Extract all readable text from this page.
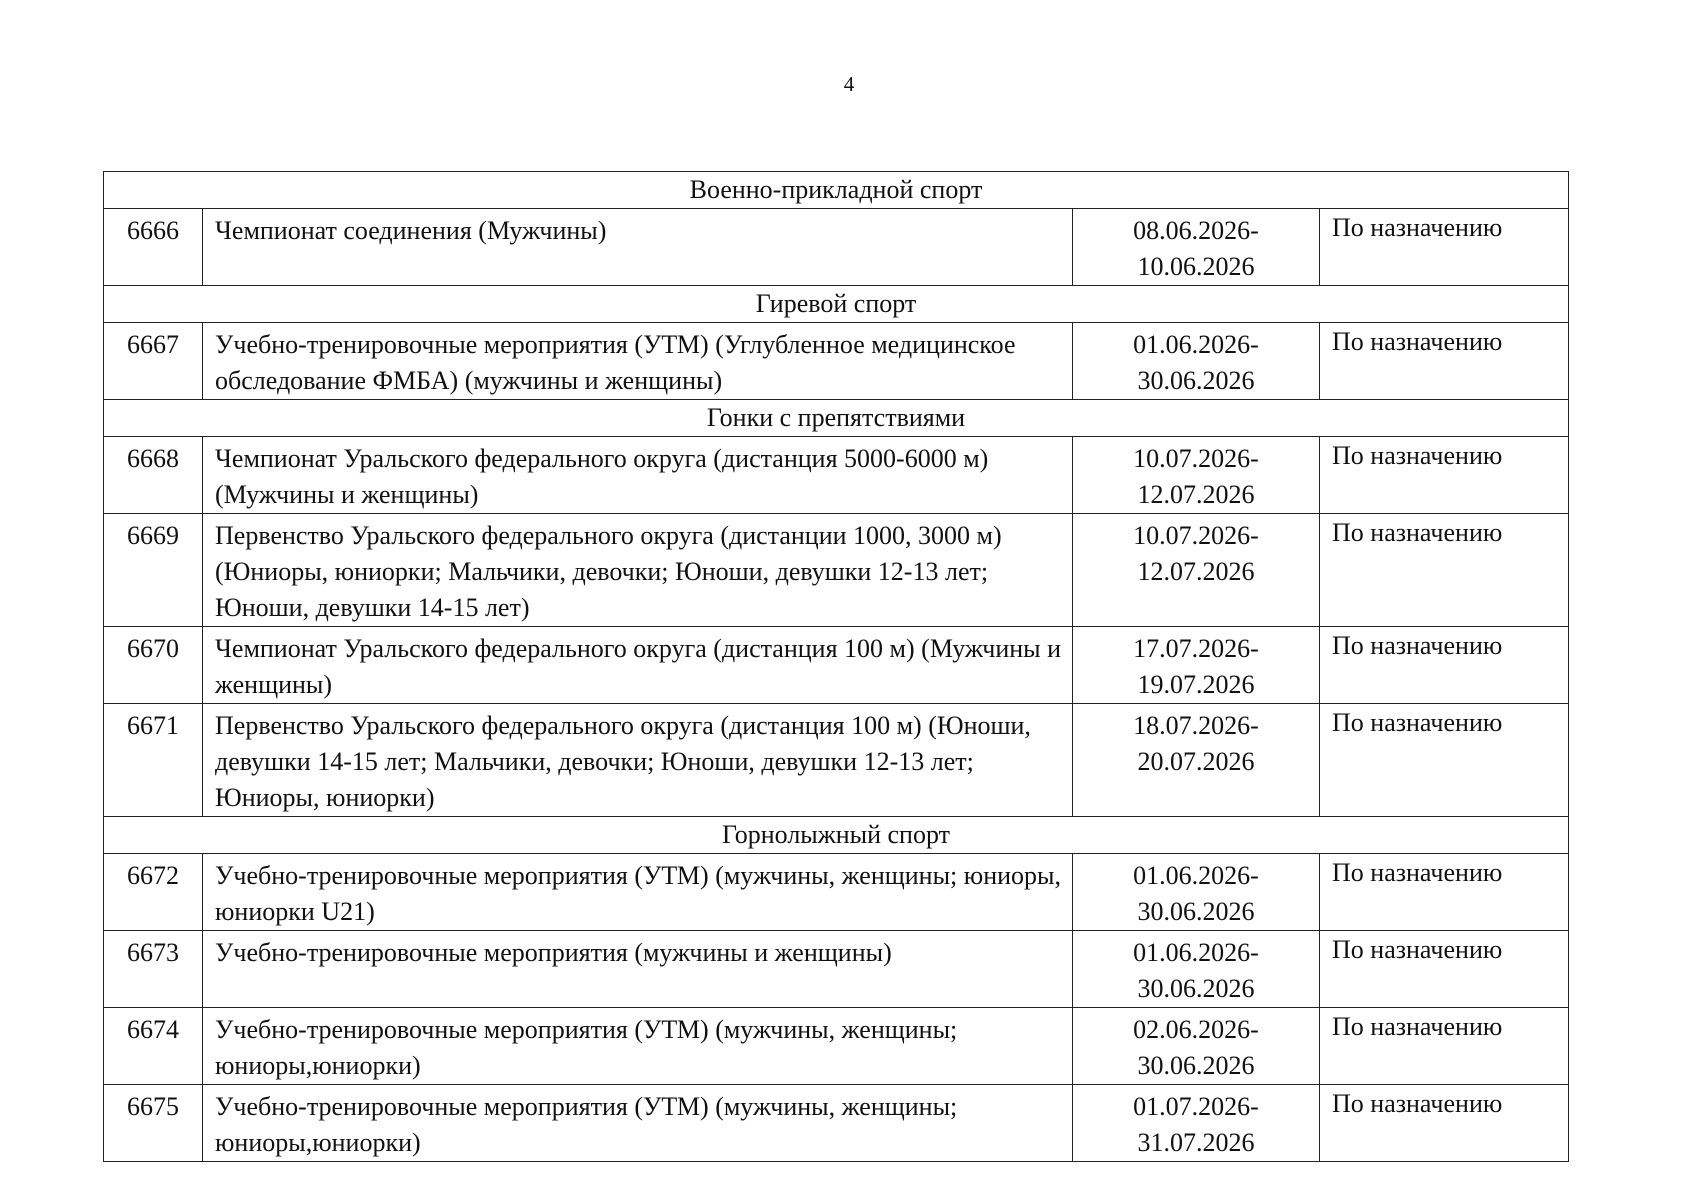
4
Военно-прикладной спорт			
6666	Чемпионат соединения (Мужчины)	08.06.2026-
10.06.2026	По назначению
Гиревой спорт			
6667	Учебно-тренировочные мероприятия (УТМ) (Углубленное медицинское обследование ФМБА) (мужчины и женщины)	01.06.2026-
30.06.2026	По назначению
Гонки с препятствиями			
6668	Чемпионат Уральского федерального округа (дистанция 5000-6000 м) (Мужчины и женщины)	10.07.2026-
12.07.2026	По назначению
6669	Первенство Уральского федерального округа (дистанции 1000, 3000 м) (Юниоры, юниорки; Мальчики, девочки; Юноши, девушки 12-13 лет; Юноши, девушки 14-15 лет)	10.07.2026-
12.07.2026	По назначению
6670	Чемпионат Уральского федерального округа (дистанция 100 м) (Мужчины и женщины)	17.07.2026-
19.07.2026	По назначению
6671	Первенство Уральского федерального округа (дистанция 100 м) (Юноши, девушки 14-15 лет; Мальчики, девочки; Юноши, девушки 12-13 лет; Юниоры, юниорки)	18.07.2026-
20.07.2026	По назначению
Горнолыжный спорт			
6672	Учебно-тренировочные мероприятия (УТМ) (мужчины, женщины; юниоры, юниорки U21)	01.06.2026-
30.06.2026	По назначению
6673	Учебно-тренировочные мероприятия (мужчины и женщины)	01.06.2026-
30.06.2026	По назначению
6674	Учебно-тренировочные мероприятия (УТМ) (мужчины, женщины; юниоры,юниорки)	02.06.2026-
30.06.2026	По назначению
6675	Учебно-тренировочные мероприятия (УТМ) (мужчины, женщины; юниоры,юниорки)	01.07.2026-
31.07.2026	По назначению
